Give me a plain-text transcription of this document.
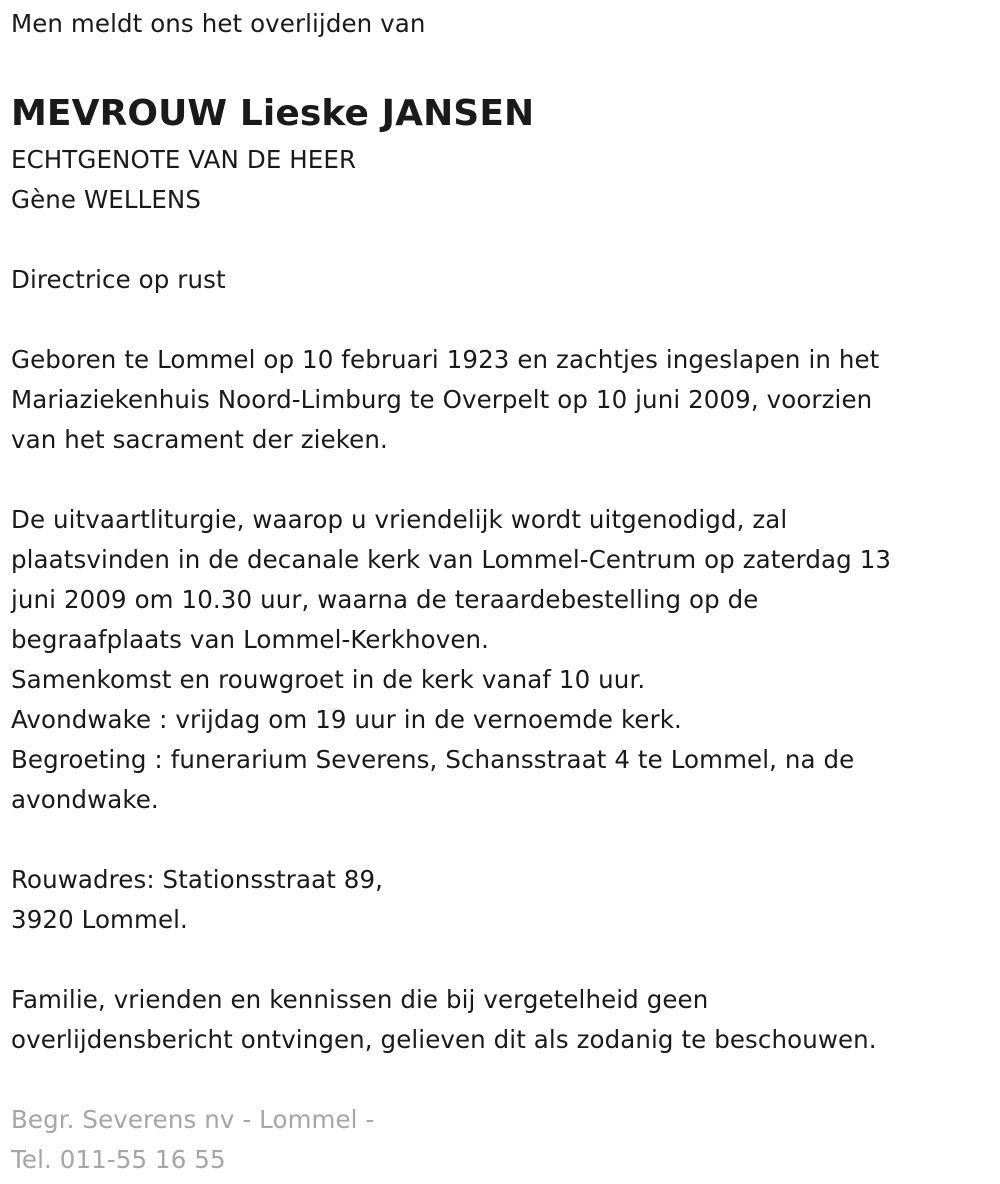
Men meldt ons het overlijden van
MEVROUW Lieske JANSEN
ECHTGENOTE VAN DE HEER
Gène WELLENS
Directrice op rust
Geboren te Lommel op 10 februari 1923 en zachtjes ingeslapen in het
Mariaziekenhuis Noord-Limburg te Overpelt op 10 juni 2009, voorzien
van het sacrament der zieken.
De uitvaartliturgie, waarop u vriendelijk wordt uitgenodigd, zal
plaatsvinden in de decanale kerk van Lommel-Centrum op zaterdag 13
juni 2009 om 10.30 uur, waarna de teraardebestelling op de
begraafplaats van Lommel-Kerkhoven.
Samenkomst en rouwgroet in de kerk vanaf 10 uur.
Avondwake : vrijdag om 19 uur in de vernoemde kerk.
Begroeting : funerarium Severens, Schansstraat 4 te Lommel, na de
avondwake.
Rouwadres: Stationsstraat 89,
3920 Lommel.
Familie, vrienden en kennissen die bij vergetelheid geen
overlijdensbericht ontvingen, gelieven dit als zodanig te beschouwen.
Begr. Severens nv - Lommel -
Tel. 011-55 16 55
